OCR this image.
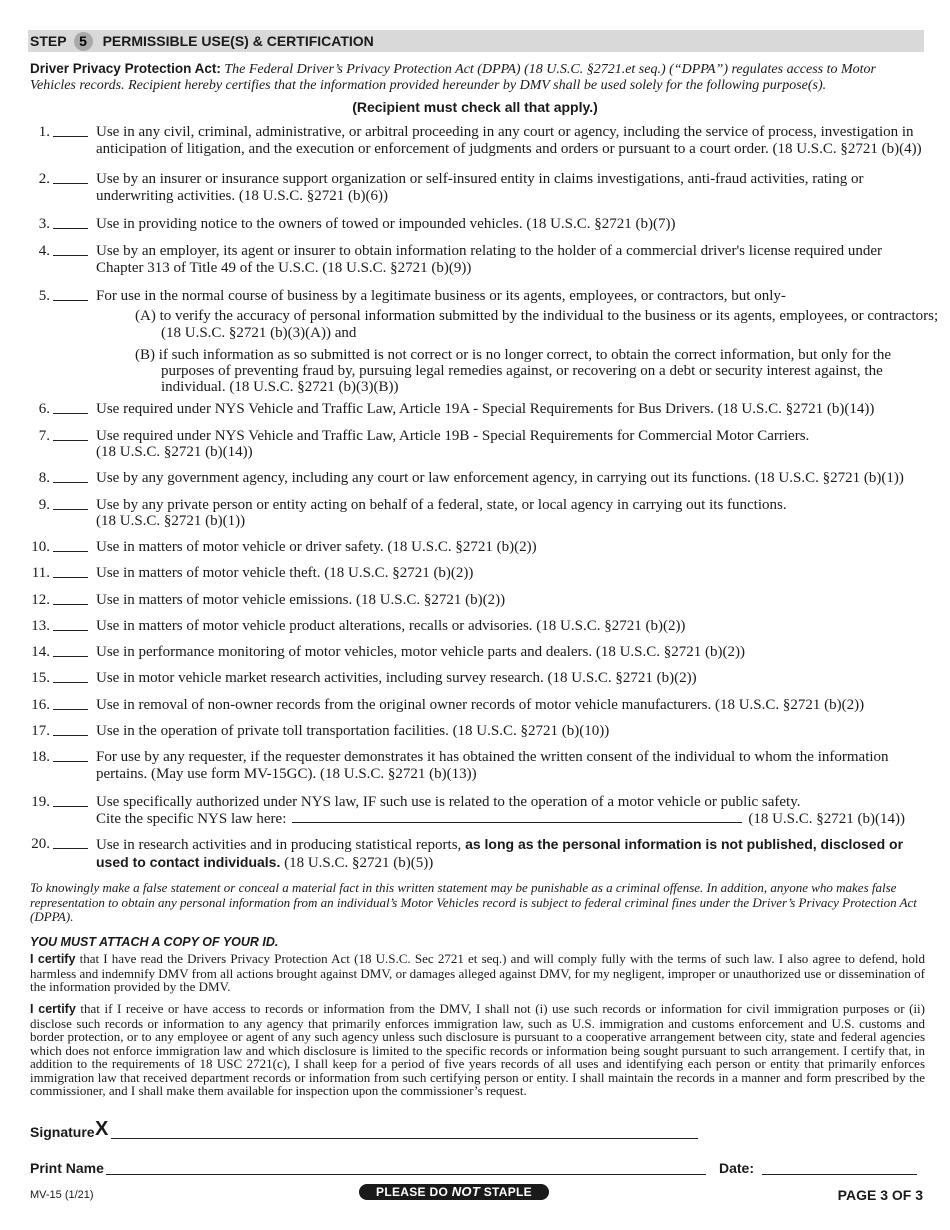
STEP 5	PERMISSIBLE USE(S) & CERTIFICATION
Driver Privacy Protection Act: The Federal Driver’s Privacy Protection Act (DPPA) (18 U.S.C. §2721.et seq.) (“DPPA”) regulates access to Motor Vehicles records. Recipient hereby certifies that the information provided hereunder by DMV shall be used solely for the following purpose(s).
(Recipient must check all that apply.)
1.	Use in any civil, criminal, administrative, or arbitral proceeding in any court or agency, including the service of process, investigation in anticipation of litigation, and the execution or enforcement of judgments and orders or pursuant to a court order. (18 U.S.C. §2721 (b)(4))
2.	Use by an insurer or insurance support organization or self-insured entity in claims investigations, anti-fraud activities, rating or underwriting activities. (18 U.S.C. §2721 (b)(6))
3.	Use in providing notice to the owners of towed or impounded vehicles. (18 U.S.C. §2721 (b)(7))
4.	Use by an employer, its agent or insurer to obtain information relating to the holder of a commercial driver's license required under Chapter 313 of Title 49 of the U.S.C. (18 U.S.C. §2721 (b)(9))
5.	For use in the normal course of business by a legitimate business or its agents, employees, or contractors, but only-
(A) to verify the accuracy of personal information submitted by the individual to the business or its agents, employees, or contractors; (18 U.S.C. §2721 (b)(3)(A)) and
(B) if such information as so submitted is not correct or is no longer correct, to obtain the correct information, but only for the purposes of preventing fraud by, pursuing legal remedies against, or recovering on a debt or security interest against, the individual. (18 U.S.C. §2721 (b)(3)(B))
6.	Use required under NYS Vehicle and Traffic Law, Article 19A - Special Requirements for Bus Drivers. (18 U.S.C. §2721 (b)(14))
7.	Use required under NYS Vehicle and Traffic Law, Article 19B - Special Requirements for Commercial Motor Carriers.
(18 U.S.C. §2721 (b)(14))
8.	Use by any government agency, including any court or law enforcement agency, in carrying out its functions. (18 U.S.C. §2721 (b)(1))
9.	Use by any private person or entity acting on behalf of a federal, state, or local agency in carrying out its functions.
(18 U.S.C. §2721 (b)(1))
10.	Use in matters of motor vehicle or driver safety. (18 U.S.C. §2721 (b)(2))
11.	Use in matters of motor vehicle theft. (18 U.S.C. §2721 (b)(2))
12.	Use in matters of motor vehicle emissions. (18 U.S.C. §2721 (b)(2))
13.	Use in matters of motor vehicle product alterations, recalls or advisories. (18 U.S.C. §2721 (b)(2))
14.	Use in performance monitoring of motor vehicles, motor vehicle parts and dealers. (18 U.S.C. §2721 (b)(2))
15.	Use in motor vehicle market research activities, including survey research. (18 U.S.C. §2721 (b)(2))
16.	Use in removal of non-owner records from the original owner records of motor vehicle manufacturers. (18 U.S.C. §2721 (b)(2))
17.	Use in the operation of private toll transportation facilities. (18 U.S.C. §2721 (b)(10))
18.	For use by any requester, if the requester demonstrates it has obtained the written consent of the individual to whom the information pertains. (May use form MV-15GC). (18 U.S.C. §2721 (b)(13))
19.	Use specifically authorized under NYS law, IF such use is related to the operation of a motor vehicle or public safety.
Cite the specific NYS law here:	(18 U.S.C. §2721 (b)(14))
20.	Use in research activities and in producing statistical reports, as long as the personal information is not published, disclosed or used to contact individuals. (18 U.S.C. §2721 (b)(5))
To knowingly make a false statement or conceal a material fact in this written statement may be punishable as a criminal offense. In addition, anyone who makes false representation to obtain any personal information from an individual’s Motor Vehicles record is subject to federal criminal fines under the Driver’s Privacy Protection Act (DPPA).
YOU MUST ATTACH A COPY OF YOUR ID.
I certify that I have read the Drivers Privacy Protection Act (18 U.S.C. Sec 2721 et seq.) and will comply fully with the terms of such law. I also agree to defend, hold harmless and indemnify DMV from all actions brought against DMV, or damages alleged against DMV, for my negligent, improper or unauthorized use or dissemination of the information provided by the DMV.
I certify that if I receive or have access to records or information from the DMV, I shall not (i) use such records or information for civil immigration purposes or (ii) disclose such records or information to any agency that primarily enforces immigration law, such as U.S. immigration and customs enforcement and U.S. customs and border protection, or to any employee or agent of any such agency unless such disclosure is pursuant to a cooperative arrangement between city, state and federal agencies which does not enforce immigration law and which disclosure is limited to the specific records or information being sought pursuant to such arrangement. I certify that, in addition to the requirements of 18 USC 2721(c), I shall keep for a period of five years records of all uses and identifying each person or entity that primarily enforces immigration law that received department records or information from such certifying person or entity. I shall maintain the records in a manner and form prescribed by the commissioner, and I shall make them available for inspection upon the commissioner’s request.
Signature X
Print Name	Date:
MV-15 (1/21)	PLEASE DO NOT STAPLE	PAGE 3 OF 3
